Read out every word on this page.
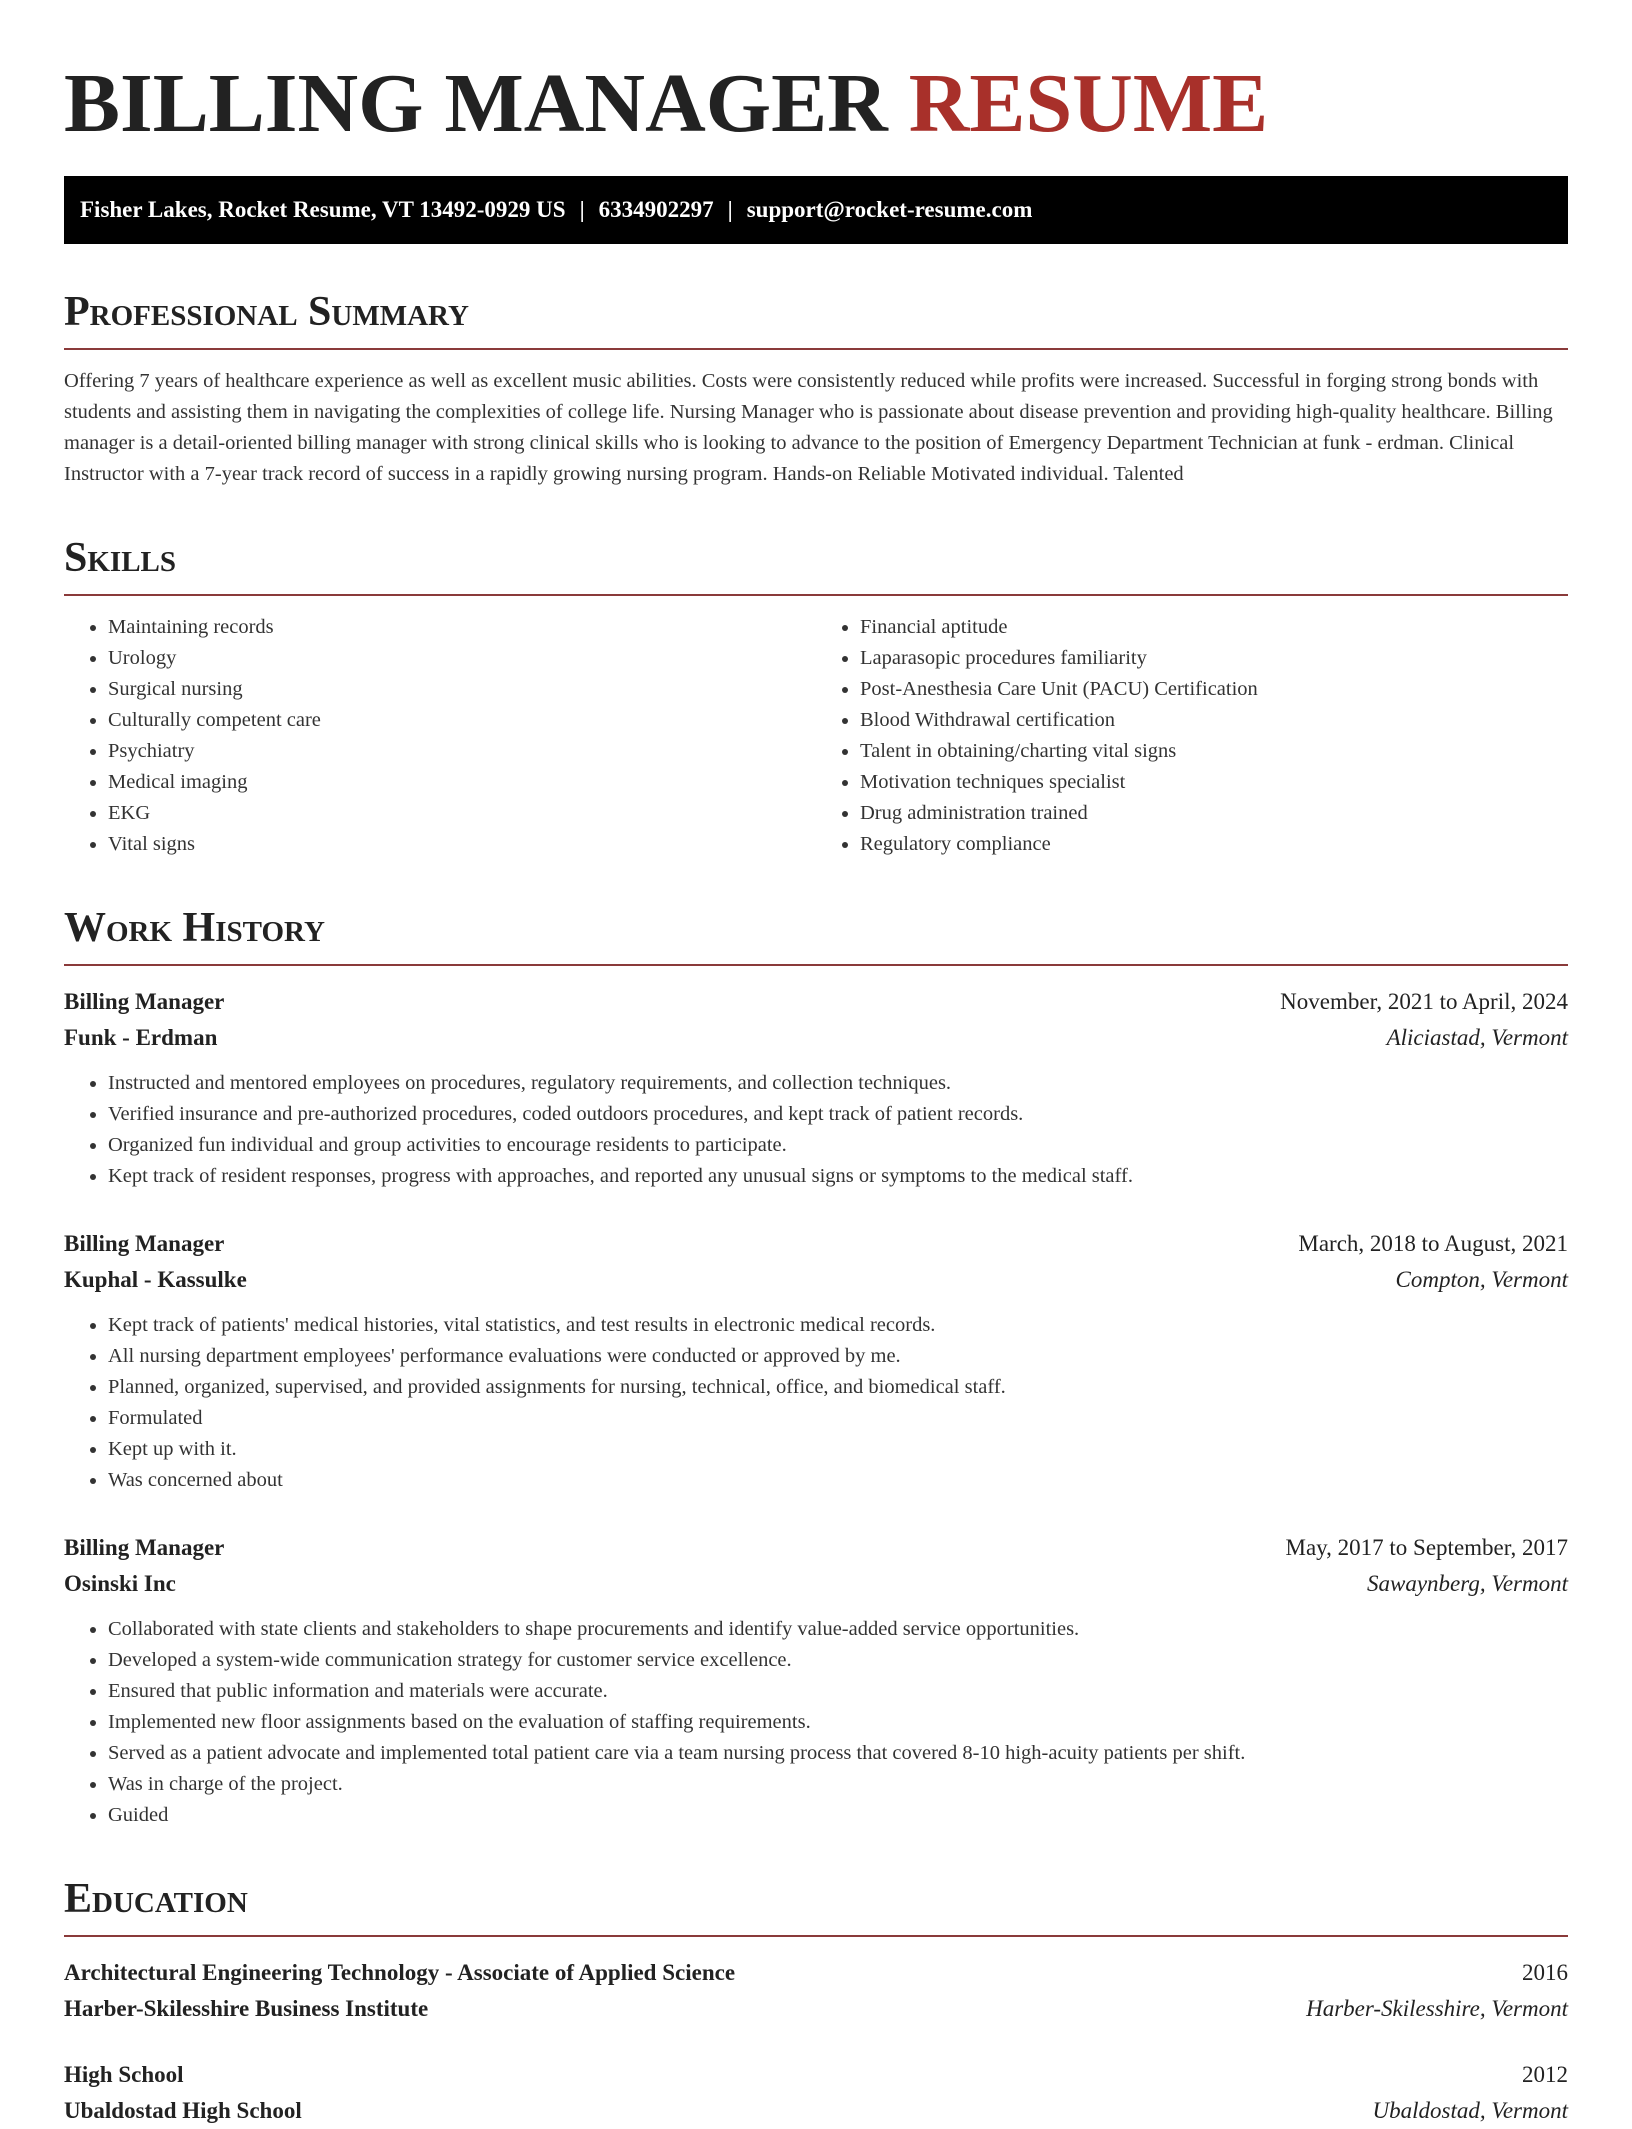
BILLING MANAGER RESUME
Fisher Lakes, Rocket Resume, VT 13492-0929 US | 6334902297 | support@rocket-resume.com
Professional Summary

Offering 7 years of healthcare experience as well as excellent music abilities. Costs were consistently reduced while profits were increased. Successful in forging strong bonds with students and assisting them in navigating the complexities of college life. Nursing Manager who is passionate about disease prevention and providing high-quality healthcare. Billing manager is a detail-oriented billing manager with strong clinical skills who is looking to advance to the position of Emergency Department Technician at funk - erdman. Clinical Instructor with a 7-year track record of success in a rapidly growing nursing program. Hands-on Reliable Motivated individual. Talented

Skills
• Maintaining records
• Urology
• Surgical nursing
• Culturally competent care
• Psychiatry
• Medical imaging
• EKG
• Vital signs
• Financial aptitude
• Laparasopic procedures familiarity
• Post-Anesthesia Care Unit (PACU) Certification
• Blood Withdrawal certification
• Talent in obtaining/charting vital signs
• Motivation techniques specialist
• Drug administration trained
• Regulatory compliance
Work History
Billing Manager	November, 2021 to April, 2024
Funk - Erdman	Aliciastad, Vermont
• Instructed and mentored employees on procedures, regulatory requirements, and collection techniques.
• Verified insurance and pre-authorized procedures, coded outdoors procedures, and kept track of patient records.
• Organized fun individual and group activities to encourage residents to participate.
• Kept track of resident responses, progress with approaches, and reported any unusual signs or symptoms to the medical staff.
Billing Manager	March, 2018 to August, 2021
Kuphal - Kassulke	Compton, Vermont
• Kept track of patients' medical histories, vital statistics, and test results in electronic medical records.
• All nursing department employees' performance evaluations were conducted or approved by me.
• Planned, organized, supervised, and provided assignments for nursing, technical, office, and biomedical staff.
• Formulated
• Kept up with it.
• Was concerned about
Billing Manager	May, 2017 to September, 2017
Osinski Inc	Sawaynberg, Vermont
• Collaborated with state clients and stakeholders to shape procurements and identify value-added service opportunities.
• Developed a system-wide communication strategy for customer service excellence.
• Ensured that public information and materials were accurate.
• Implemented new floor assignments based on the evaluation of staffing requirements.
• Served as a patient advocate and implemented total patient care via a team nursing process that covered 8-10 high-acuity patients per shift.
• Was in charge of the project.
• Guided
Education
Architectural Engineering Technology - Associate of Applied Science	2016
Harber-Skilesshire Business Institute	Harber-Skilesshire, Vermont
High School	2012
Ubaldostad High School	Ubaldostad, Vermont
